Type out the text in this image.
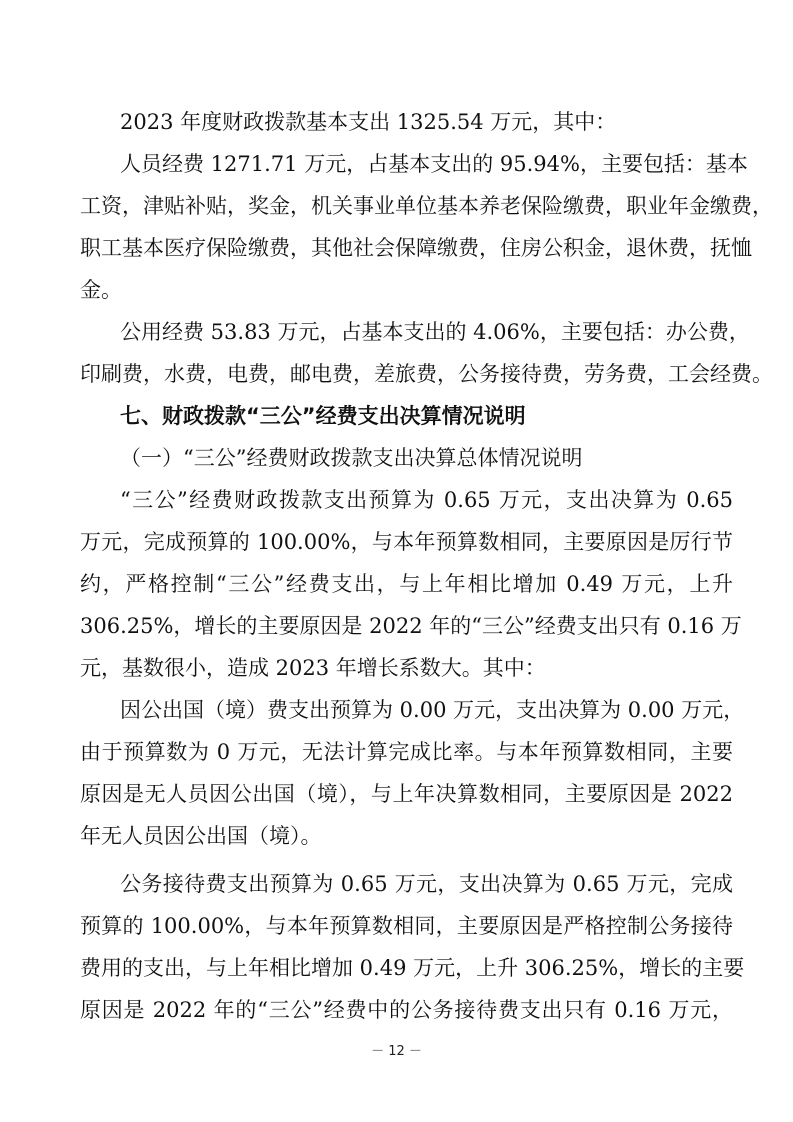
2023 年度财政拨款基本支出 1325.54 万元，其中：
人员经费 1271.71 万元，占基本支出的 95.94%，主要包括：基本
工资，津贴补贴，奖金，机关事业单位基本养老保险缴费，职业年金缴费，
职工基本医疗保险缴费，其他社会保障缴费，住房公积金，退休费，抚恤
金。
公用经费 53.83 万元，占基本支出的 4.06%，主要包括：办公费，
印刷费，水费，电费，邮电费，差旅费，公务接待费，劳务费，工会经费。
七、财政拨款“三公”经费支出决算情况说明
（一）“三公”经费财政拨款支出决算总体情况说明
“三公”经费财政拨款支出预算为 0.65 万元，支出决算为 0.65
万元，完成预算的 100.00%，与本年预算数相同，主要原因是厉行节
约，严格控制“三公”经费支出，与上年相比增加 0.49 万元，上升
306.25%，增长的主要原因是 2022 年的“三公”经费支出只有 0.16 万
元，基数很小，造成 2023 年增长系数大。其中：
因公出国（境）费支出预算为 0.00 万元，支出决算为 0.00 万元，
由于预算数为 0 万元，无法计算完成比率。与本年预算数相同，主要
原因是无人员因公出国（境），与上年决算数相同，主要原因是 2022
年无人员因公出国（境）。
公务接待费支出预算为 0.65 万元，支出决算为 0.65 万元，完成
预算的 100.00%，与本年预算数相同，主要原因是严格控制公务接待
费用的支出，与上年相比增加 0.49 万元，上升 306.25%，增长的主要
原因是 2022 年的“三公”经费中的公务接待费支出只有 0.16 万元，
－ 12 －
